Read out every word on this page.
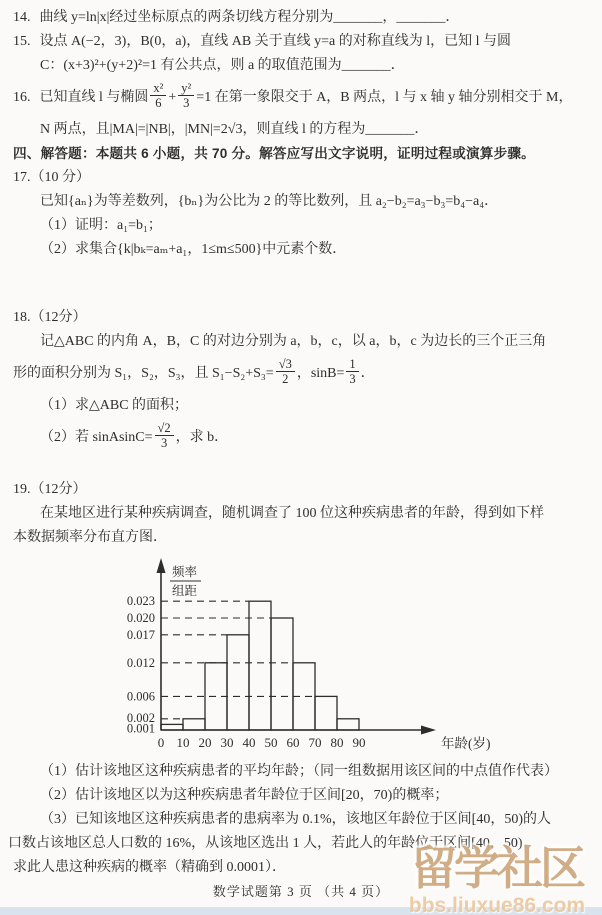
14. 曲线 y=ln|x|经过坐标原点的两条切线方程分别为_______，_______．
15. 设点 A(−2，3)，B(0，a)，直线 AB 关于直线 y=a 的对称直线为 l，已知 l 与圆
C：(x+3)²+(y+2)²=1 有公共点，则 a 的取值范围为_______．
16. 已知直线 l 与椭圆 $\frac{\text{x²}}{6} + \frac{\text{y²}}{3} =1$ 在第一象限交于 A，B 两点，l 与 x 轴 y 轴分别相交于 M，
N 两点，且|MA|=|NB|，|MN|=2√3，则直线 l 的方程为_______．
四、解答题：本题共 6 小题，共 70 分。解答应写出文字说明，证明过程或演算步骤。
17.（10 分）
已知{aₙ}为等差数列，{bₙ}为公比为 2 的等比数列，且 a₂−b₂=a₃−b₃=b₄−a₄．
（1）证明：a₁=b₁；
（2）求集合{k|bₖ=aₘ+a₁，1≤m≤500}中元素个数．
18.（12分）
记△ABC 的内角 A，B，C 的对边分别为 a，b，c，以 a，b，c 为边长的三个正三角
形的面积分别为 S₁，S₂，S₃，且 $S_1-S_2+S_3= \frac{√3}{2}$ ，$\sin B= \frac{1}{3}$ ．
（1）求△ABC 的面积；
（2）若 sinAsinC= $\frac{√2}{3}$ ，求 b．
19.（12分）
在某地区进行某种疾病调查，随机调查了 100 位这种疾病患者的年龄，得到如下样
本数据频率分布直方图．
0.023
0.020
0.017
0.012
0.006
0.002
0.001
0 10 20 30 40 50 60 70 80 90
频率
组距
年龄(岁)
（1）估计该地区这种疾病患者的平均年龄；（同一组数据用该区间的中点值作代表）
（2）估计该地区以为这种疾病患者年龄位于区间[20，70)的概率；
（3）已知该地区这种疾病患者的患病率为 0.1%，该地区年龄位于区间[40，50)的人
口数占该地区总人口数的 16%，从该地区选出 1 人，若此人的年龄位于区间[40，50)，
求此人患这种疾病的概率（精确到 0.0001）．
数学试题第 3 页 （共 4 页） 留学社区
bbs.liuxue86.com
